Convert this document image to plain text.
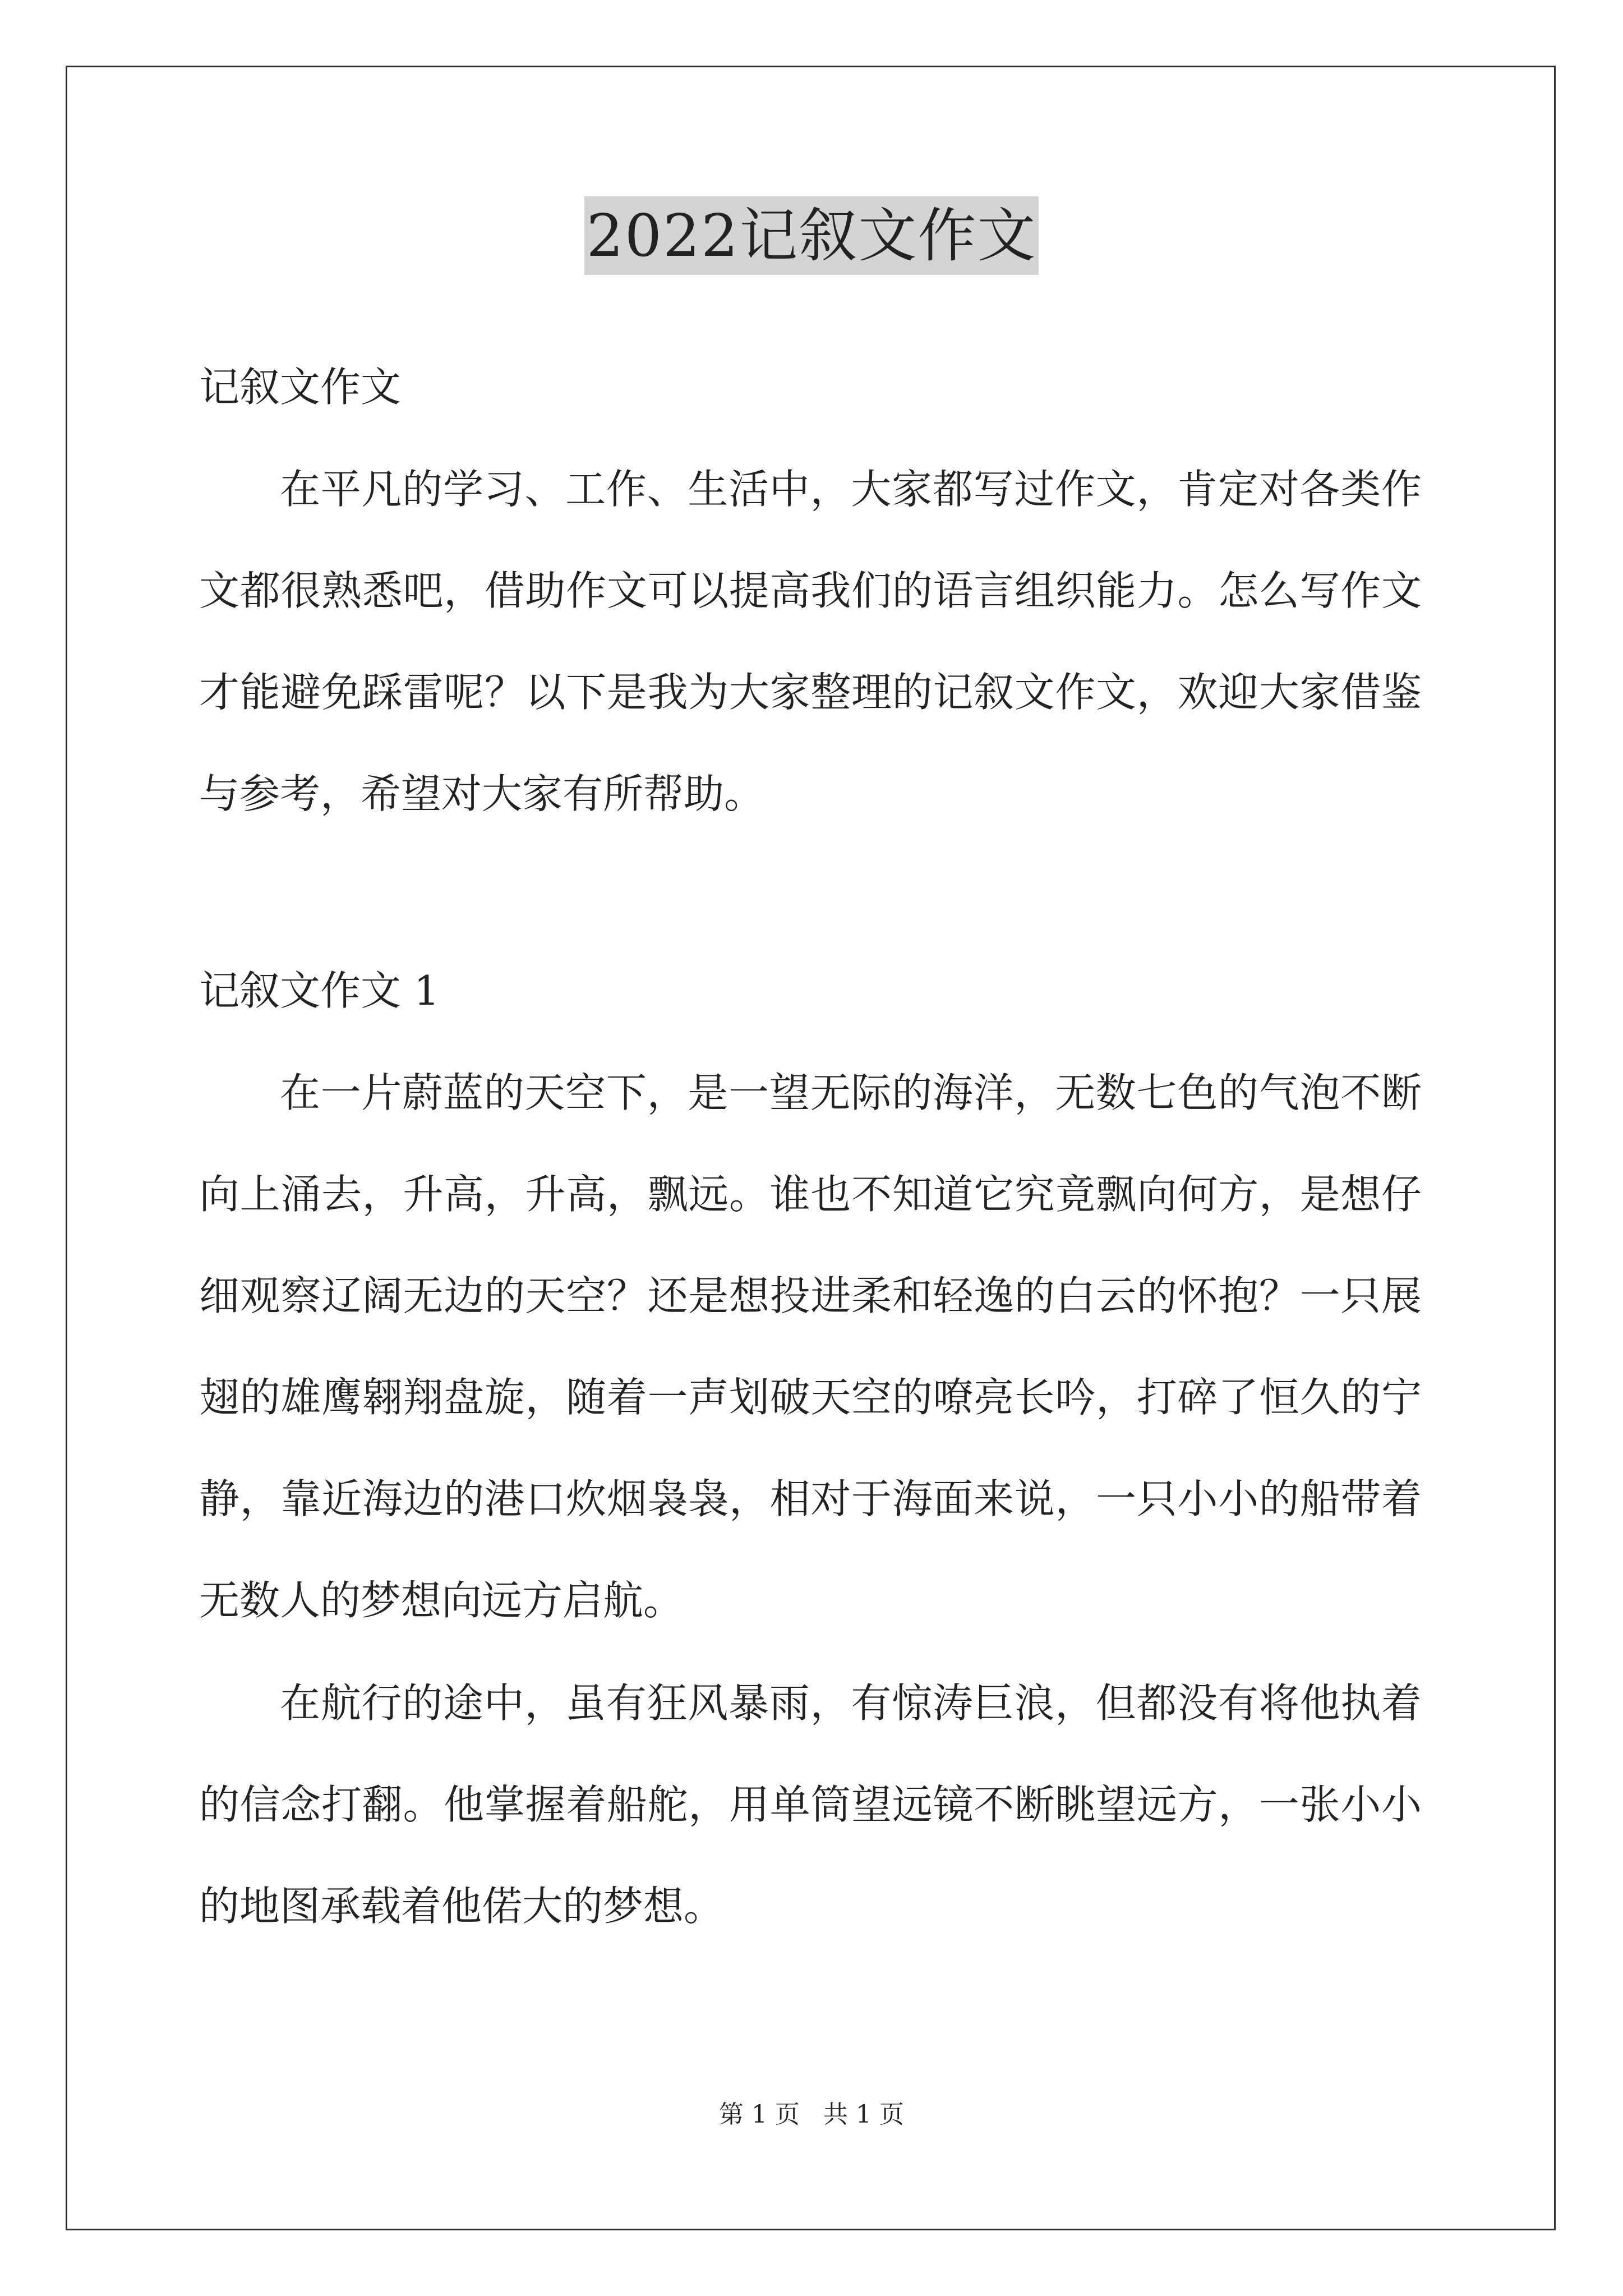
2022记叙文作文

记叙文作文

在平凡的学习、工作、生活中，大家都写过作文，肯定对各类作文都很熟悉吧，借助作文可以提高我们的语言组织能力。怎么写作文才能避免踩雷呢？以下是我为大家整理的记叙文作文，欢迎大家借鉴与参考，希望对大家有所帮助。

记叙文作文 1

在一片蔚蓝的天空下，是一望无际的海洋，无数七色的气泡不断向上涌去，升高，升高，飘远。谁也不知道它究竟飘向何方，是想仔细观察辽阔无边的天空？还是想投进柔和轻逸的白云的怀抱？一只展翅的雄鹰翱翔盘旋，随着一声划破天空的嘹亮长吟，打碎了恒久的宁静，靠近海边的港口炊烟袅袅，相对于海面来说，一只小小的船带着无数人的梦想向远方启航。

在航行的途中，虽有狂风暴雨，有惊涛巨浪，但都没有将他执着的信念打翻。他掌握着船舵，用单筒望远镜不断眺望远方，一张小小的地图承载着他偌大的梦想。

第 1 页 共 1 页
